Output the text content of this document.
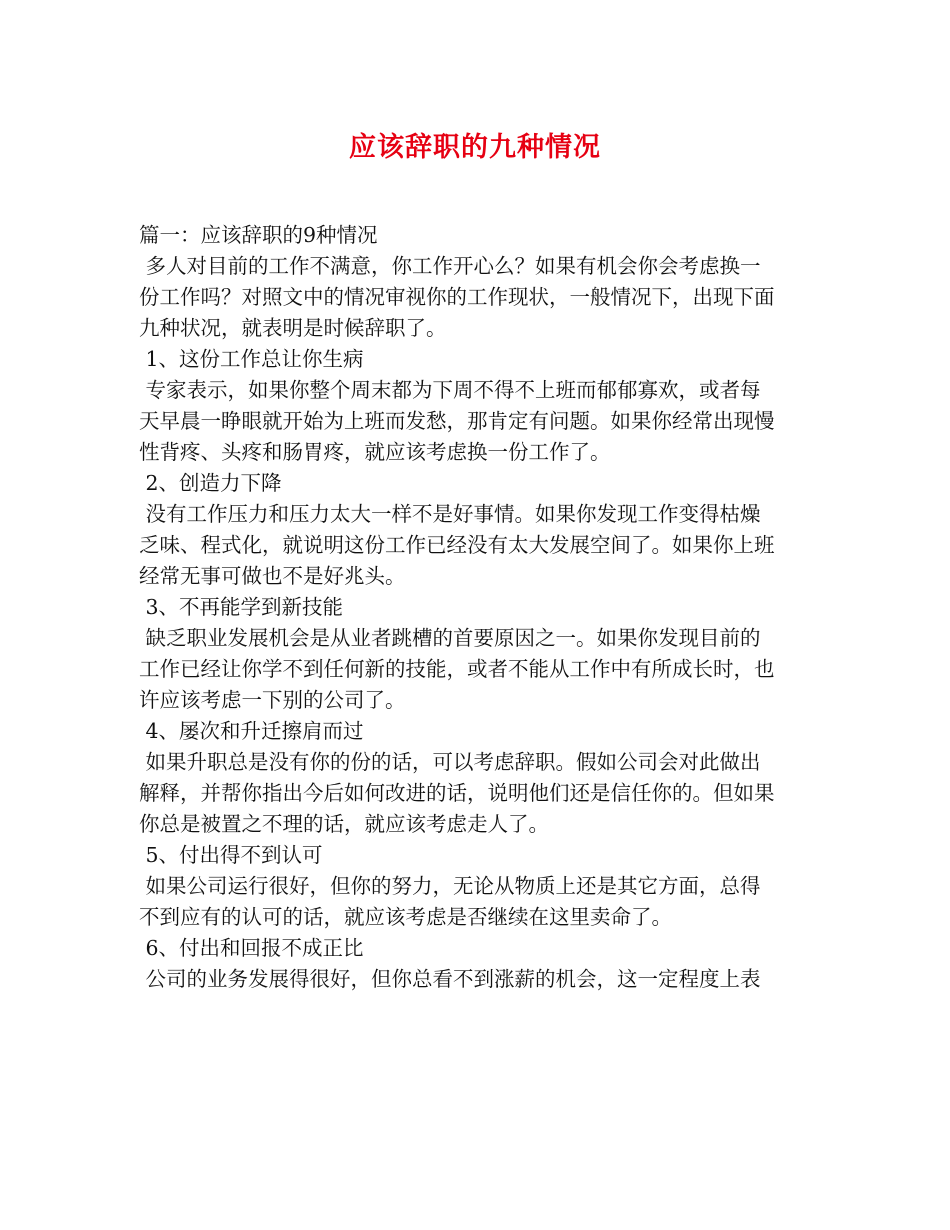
应该辞职的九种情况
篇一：应该辞职的9种情况
多人对目前的工作不满意，你工作开心么？如果有机会你会考虑换一
份工作吗？对照文中的情况审视你的工作现状，一般情况下，出现下面
九种状况，就表明是时候辞职了。
1、这份工作总让你生病
专家表示，如果你整个周末都为下周不得不上班而郁郁寡欢，或者每
天早晨一睁眼就开始为上班而发愁，那肯定有问题。如果你经常出现慢
性背疼、头疼和肠胃疼，就应该考虑换一份工作了。
2、创造力下降
没有工作压力和压力太大一样不是好事情。如果你发现工作变得枯燥
乏味、程式化，就说明这份工作已经没有太大发展空间了。如果你上班
经常无事可做也不是好兆头。
3、不再能学到新技能
缺乏职业发展机会是从业者跳槽的首要原因之一。如果你发现目前的
工作已经让你学不到任何新的技能，或者不能从工作中有所成长时，也
许应该考虑一下别的公司了。
4、屡次和升迁擦肩而过
如果升职总是没有你的份的话，可以考虑辞职。假如公司会对此做出
解释，并帮你指出今后如何改进的话，说明他们还是信任你的。但如果
你总是被置之不理的话，就应该考虑走人了。
5、付出得不到认可
如果公司运行很好，但你的努力，无论从物质上还是其它方面，总得
不到应有的认可的话，就应该考虑是否继续在这里卖命了。
6、付出和回报不成正比
公司的业务发展得很好，但你总看不到涨薪的机会，这一定程度上表
